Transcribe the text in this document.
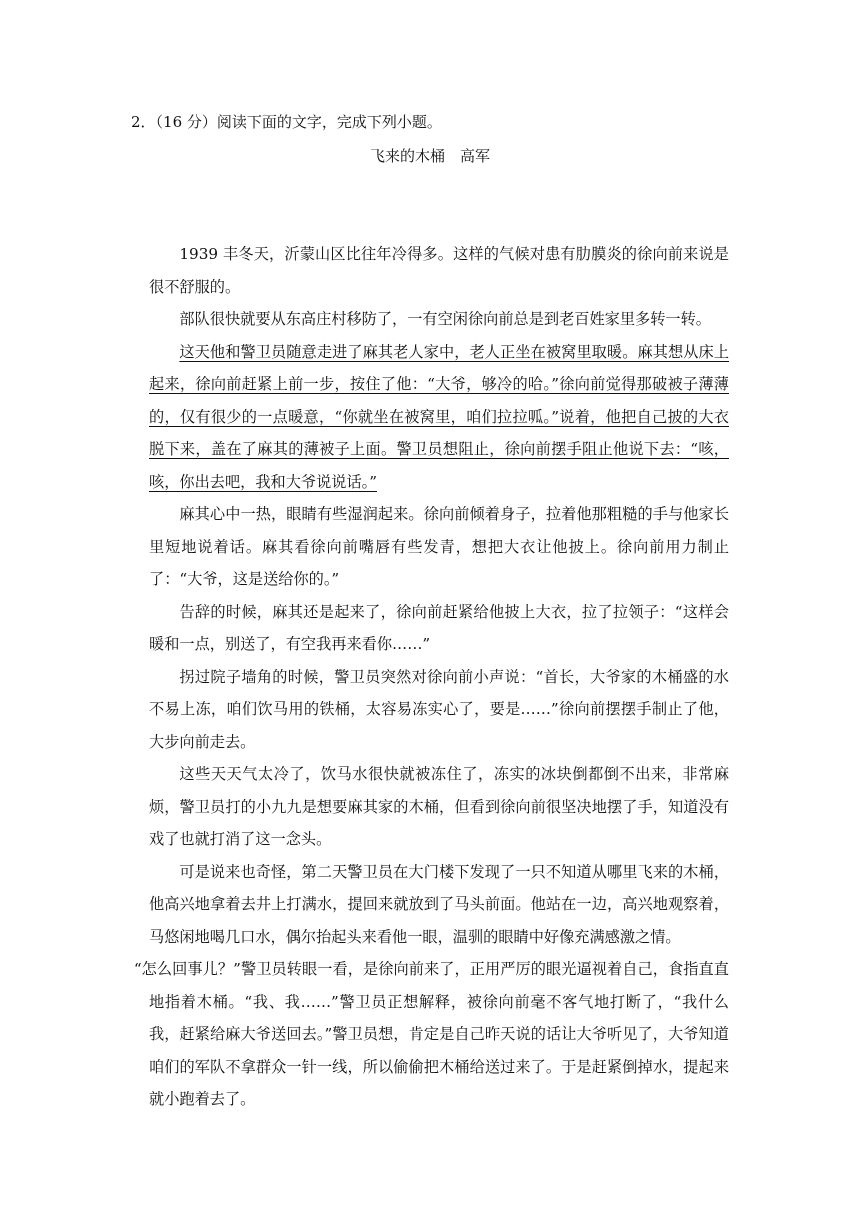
2．（16 分）阅读下面的文字，完成下列小题。
飞来的木桶　高军

1939 丰冬天，沂蒙山区比往年冷得多。这样的气候对患有肋膜炎的徐向前来说是很不舒服的。

部队很快就要从东高庄村移防了，一有空闲徐向前总是到老百姓家里多转一转。

这天他和警卫员随意走进了麻其老人家中，老人正坐在被窝里取暖。麻其想从床上起来，徐向前赶紧上前一步，按住了他：“大爷，够冷的哈。”徐向前觉得那破被子薄薄的，仅有很少的一点暖意，“你就坐在被窝里，咱们拉拉呱。”说着，他把自己披的大衣脱下来，盖在了麻其的薄被子上面。警卫员想阻止，徐向前摆手阻止他说下去：“咳，咳，你出去吧，我和大爷说说话。”

麻其心中一热，眼睛有些湿润起来。徐向前倾着身子，拉着他那粗糙的手与他家长里短地说着话。麻其看徐向前嘴唇有些发青，想把大衣让他披上。徐向前用力制止了：“大爷，这是送给你的。”

告辞的时候，麻其还是起来了，徐向前赶紧给他披上大衣，拉了拉领子：“这样会暖和一点，别送了，有空我再来看你……”

拐过院子墙角的时候，警卫员突然对徐向前小声说：“首长，大爷家的木桶盛的水不易上冻，咱们饮马用的铁桶，太容易冻实心了，要是……”徐向前摆摆手制止了他，大步向前走去。

这些天天气太冷了，饮马水很快就被冻住了，冻实的冰块倒都倒不出来，非常麻烦，警卫员打的小九九是想要麻其家的木桶，但看到徐向前很坚决地摆了手，知道没有戏了也就打消了这一念头。

可是说来也奇怪，第二天警卫员在大门楼下发现了一只不知道从哪里飞来的木桶，他高兴地拿着去井上打满水，提回来就放到了马头前面。他站在一边，高兴地观察着，马悠闲地喝几口水，偶尔抬起头来看他一眼，温驯的眼睛中好像充满感激之情。

“怎么回事儿？”警卫员转眼一看，是徐向前来了，正用严厉的眼光逼视着自己，食指直直地指着木桶。“我、我……”警卫员正想解释，被徐向前毫不客气地打断了，“我什么我，赶紧给麻大爷送回去。”警卫员想，肯定是自己昨天说的话让大爷听见了，大爷知道咱们的军队不拿群众一针一线，所以偷偷把木桶给送过来了。于是赶紧倒掉水，提起来就小跑着去了。
